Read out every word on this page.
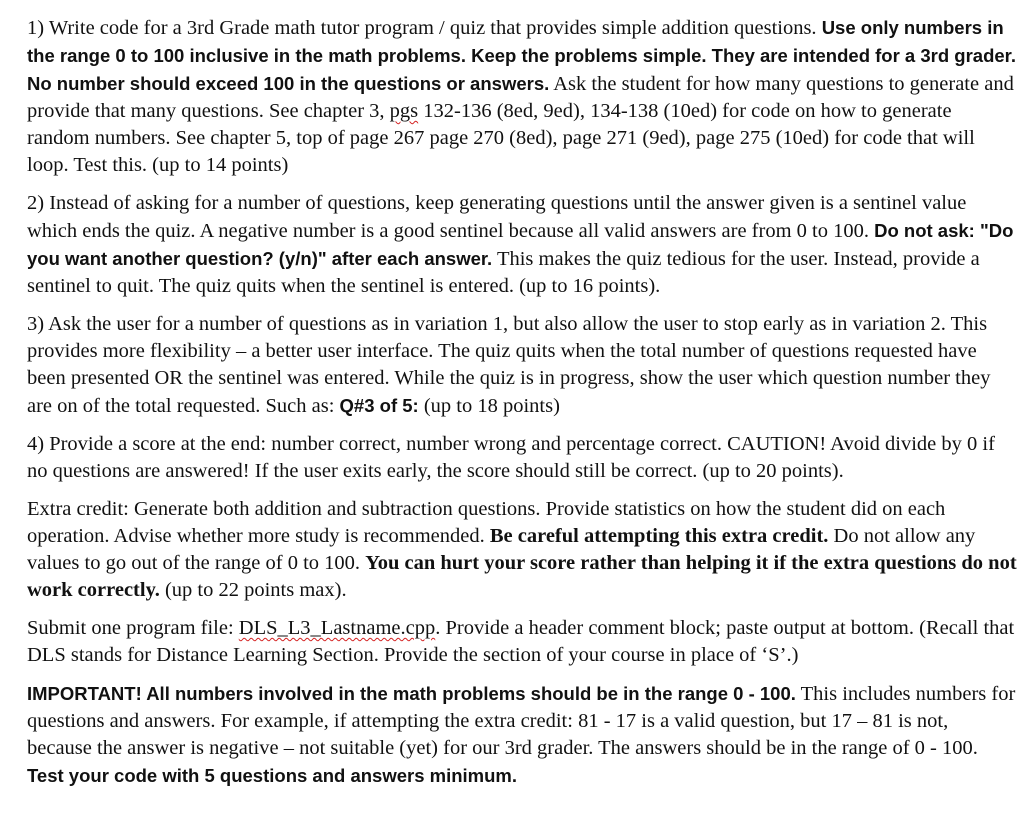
1) Write code for a 3rd Grade math tutor program / quiz that provides simple addition questions. Use only numbers in the range 0 to 100 inclusive in the math problems. Keep the problems simple. They are intended for a 3rd grader. No number should exceed 100 in the questions or answers. Ask the student for how many questions to generate and provide that many questions. See chapter 3, pgs 132-136 (8ed, 9ed), 134-138 (10ed) for code on how to generate random numbers. See chapter 5, top of page 267 page 270 (8ed), page 271 (9ed), page 275 (10ed) for code that will loop. Test this. (up to 14 points)

2) Instead of asking for a number of questions, keep generating questions until the answer given is a sentinel value which ends the quiz. A negative number is a good sentinel because all valid answers are from 0 to 100. Do not ask: "Do you want another question? (y/n)" after each answer. This makes the quiz tedious for the user. Instead, provide a sentinel to quit. The quiz quits when the sentinel is entered. (up to 16 points).

3) Ask the user for a number of questions as in variation 1, but also allow the user to stop early as in variation 2. This provides more flexibility – a better user interface. The quiz quits when the total number of questions requested have been presented OR the sentinel was entered. While the quiz is in progress, show the user which question number they are on of the total requested. Such as: Q#3 of 5: (up to 18 points)

4) Provide a score at the end: number correct, number wrong and percentage correct. CAUTION! Avoid divide by 0 if no questions are answered! If the user exits early, the score should still be correct. (up to 20 points).

Extra credit: Generate both addition and subtraction questions. Provide statistics on how the student did on each operation. Advise whether more study is recommended. Be careful attempting this extra credit. Do not allow any values to go out of the range of 0 to 100. You can hurt your score rather than helping it if the extra questions do not work correctly. (up to 22 points max).

Submit one program file: DLS_L3_Lastname.cpp. Provide a header comment block; paste output at bottom. (Recall that DLS stands for Distance Learning Section. Provide the section of your course in place of ‘S’.)

IMPORTANT! All numbers involved in the math problems should be in the range 0 - 100. This includes numbers for questions and answers. For example, if attempting the extra credit: 81 - 17 is a valid question, but 17 – 81 is not, because the answer is negative – not suitable (yet) for our 3rd grader. The answers should be in the range of 0 - 100. Test your code with 5 questions and answers minimum.
